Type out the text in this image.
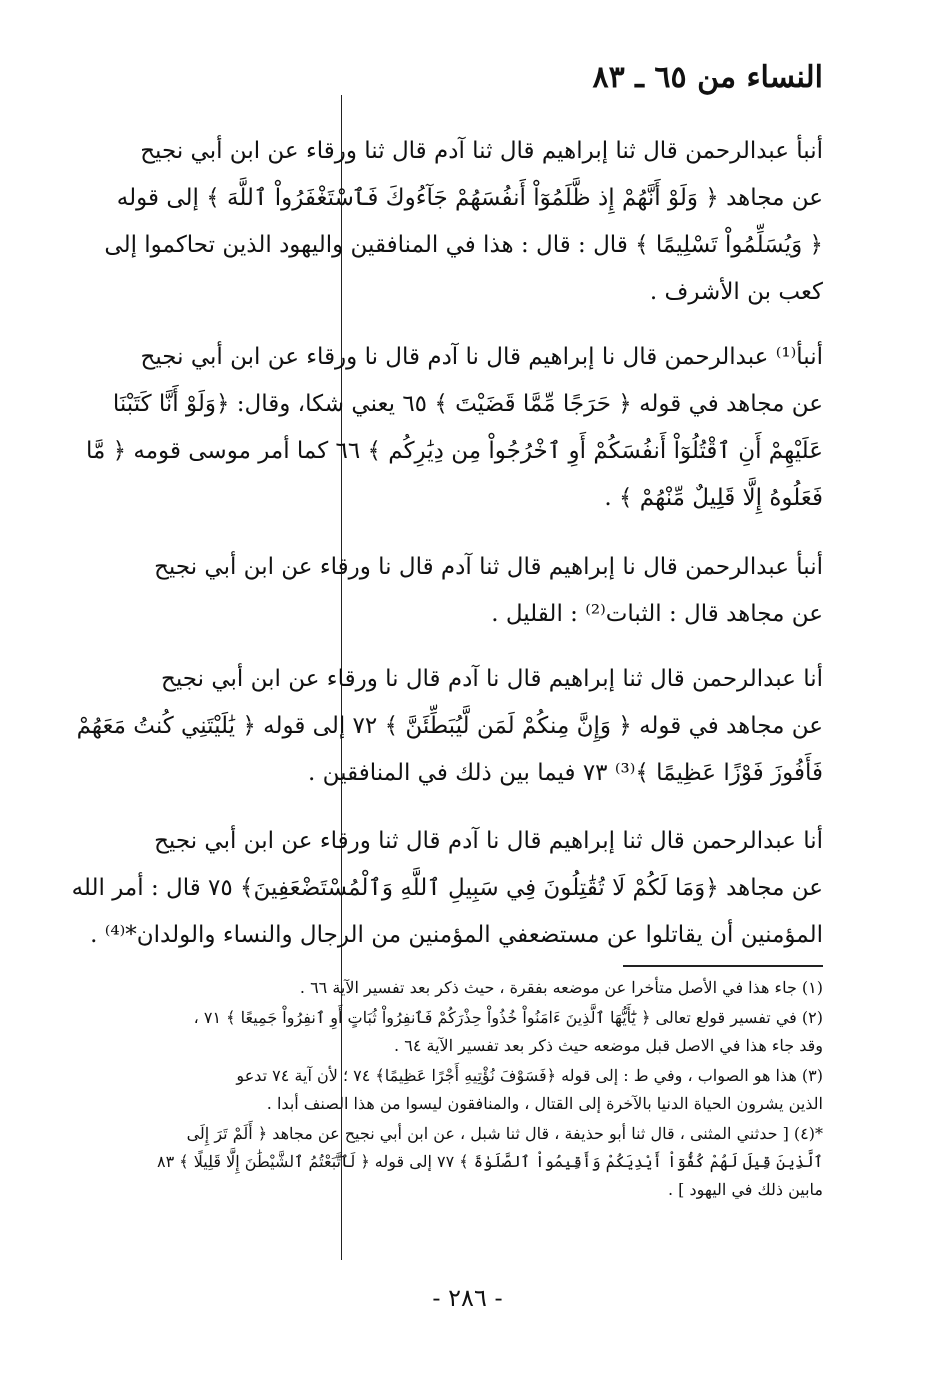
النساء من ٦٥ ـ ٨٣
أنبأ عبدالرحمن قال ثنا إبراهيم قال ثنا آدم قال ثنا ورقاء عن ابن أبي نجيح
عن مجاهد ﴿ وَلَوْ أَنَّهُمْ إِذ ظَّلَمُوٓاْ أَنفُسَهُمْ جَآءُوكَ فَٱسْتَغْفَرُواْ ٱللَّهَ ﴾ إلى قوله
﴿ وَيُسَلِّمُواْ تَسْلِيمًا ﴾ قال : قال : هذا في المنافقين واليهود الذين تحاكموا إلى
كعب بن الأشرف .
أنبأ⁽¹⁾ عبدالرحمن قال نا إبراهيم قال نا آدم قال نا ورقاء عن ابن أبي نجيح
عن مجاهد في قوله ﴿ حَرَجًا مِّمَّا قَضَيْتَ ﴾ ٦٥ يعني شكا، وقال: ﴿وَلَوْ أَنَّا كَتَبْنَا
عَلَيْهِمْ أَنِ ٱقْتُلُوٓاْ أَنفُسَكُمْ أَوِ ٱخْرُجُواْ مِن دِيَٰرِكُم ﴾ ٦٦ كما أمر موسى قومه ﴿ مَّا
فَعَلُوهُ إِلَّا قَلِيلٌ مِّنْهُمْ ﴾ .
أنبأ عبدالرحمن قال نا إبراهيم قال ثنا آدم قال نا ورقاء عن ابن أبي نجيح
عن مجاهد قال : الثبات⁽²⁾ : القليل .
أنا عبدالرحمن قال ثنا إبراهيم قال نا آدم قال نا ورقاء عن ابن أبي نجيح
عن مجاهد في قوله ﴿ وَإِنَّ مِنكُمْ لَمَن لَّيُبَطِّئَنَّ ﴾ ٧٢ إلى قوله ﴿ يَٰلَيْتَنِي كُنتُ مَعَهُمْ
فَأَفُوزَ فَوْزًا عَظِيمًا ﴾⁽³⁾ ٧٣ فيما بين ذلك في المنافقين .
أنا عبدالرحمن قال ثنا إبراهيم قال نا آدم قال ثنا ورقاء عن ابن أبي نجيح
عن مجاهد ﴿وَمَا لَكُمْ لَا تُقَٰتِلُونَ فِي سَبِيلِ ٱللَّهِ وَٱلْمُسْتَضْعَفِينَ﴾ ٧٥ قال : أمر الله
المؤمنين أن يقاتلوا عن مستضعفي المؤمنين من الرجال والنساء والولدان*⁽⁴⁾ .
(١) جاء هذا في الأصل متأخرا عن موضعه بفقرة ، حيث ذكر بعد تفسير الآية ٦٦ .
(٢) في تفسير قولع تعالى ﴿ يَٰٓأَيُّهَا ٱلَّذِينَ ءَامَنُواْ خُذُواْ حِذْرَكُمْ فَٱنفِرُواْ ثُبَاتٍ أَوِ ٱنفِرُواْ جَمِيعًا ﴾ ٧١ ،
وقد جاء هذا في الاصل قبل موضعه حيث ذكر بعد تفسير الآية ٦٤ .
(٣) هذا هو الصواب ، وفي ط : إلى قوله ﴿فَسَوْفَ نُؤْتِيهِ أَجْرًا عَظِيمًا﴾ ٧٤ ؛ لأن آية ٧٤ تدعو
الذين يشرون الحياة الدنيا بالآخرة إلى القتال ، والمنافقون ليسوا من هذا الصنف أبدا .
*(٤) [ حدثني المثنى ، قال ثنا أبو حذيفة ، قال ثنا شبل ، عن ابن أبي نجيح عن مجاهد ﴿ أَلَمْ تَرَ إِلَى
ٱلَّذِينَ قِيلَ لَهُمْ كُفُّوٓاْ أَيْدِيَكُمْ وَأَقِيمُواْ ٱلصَّلَوٰةَ ﴾ ٧٧ إلى قوله ﴿ لَٱتَّبَعْتُمُ ٱلشَّيْطَٰنَ إِلَّا قَلِيلًا ﴾ ٨٣
مابين ذلك في اليهود ] .
- ٢٨٦ -
